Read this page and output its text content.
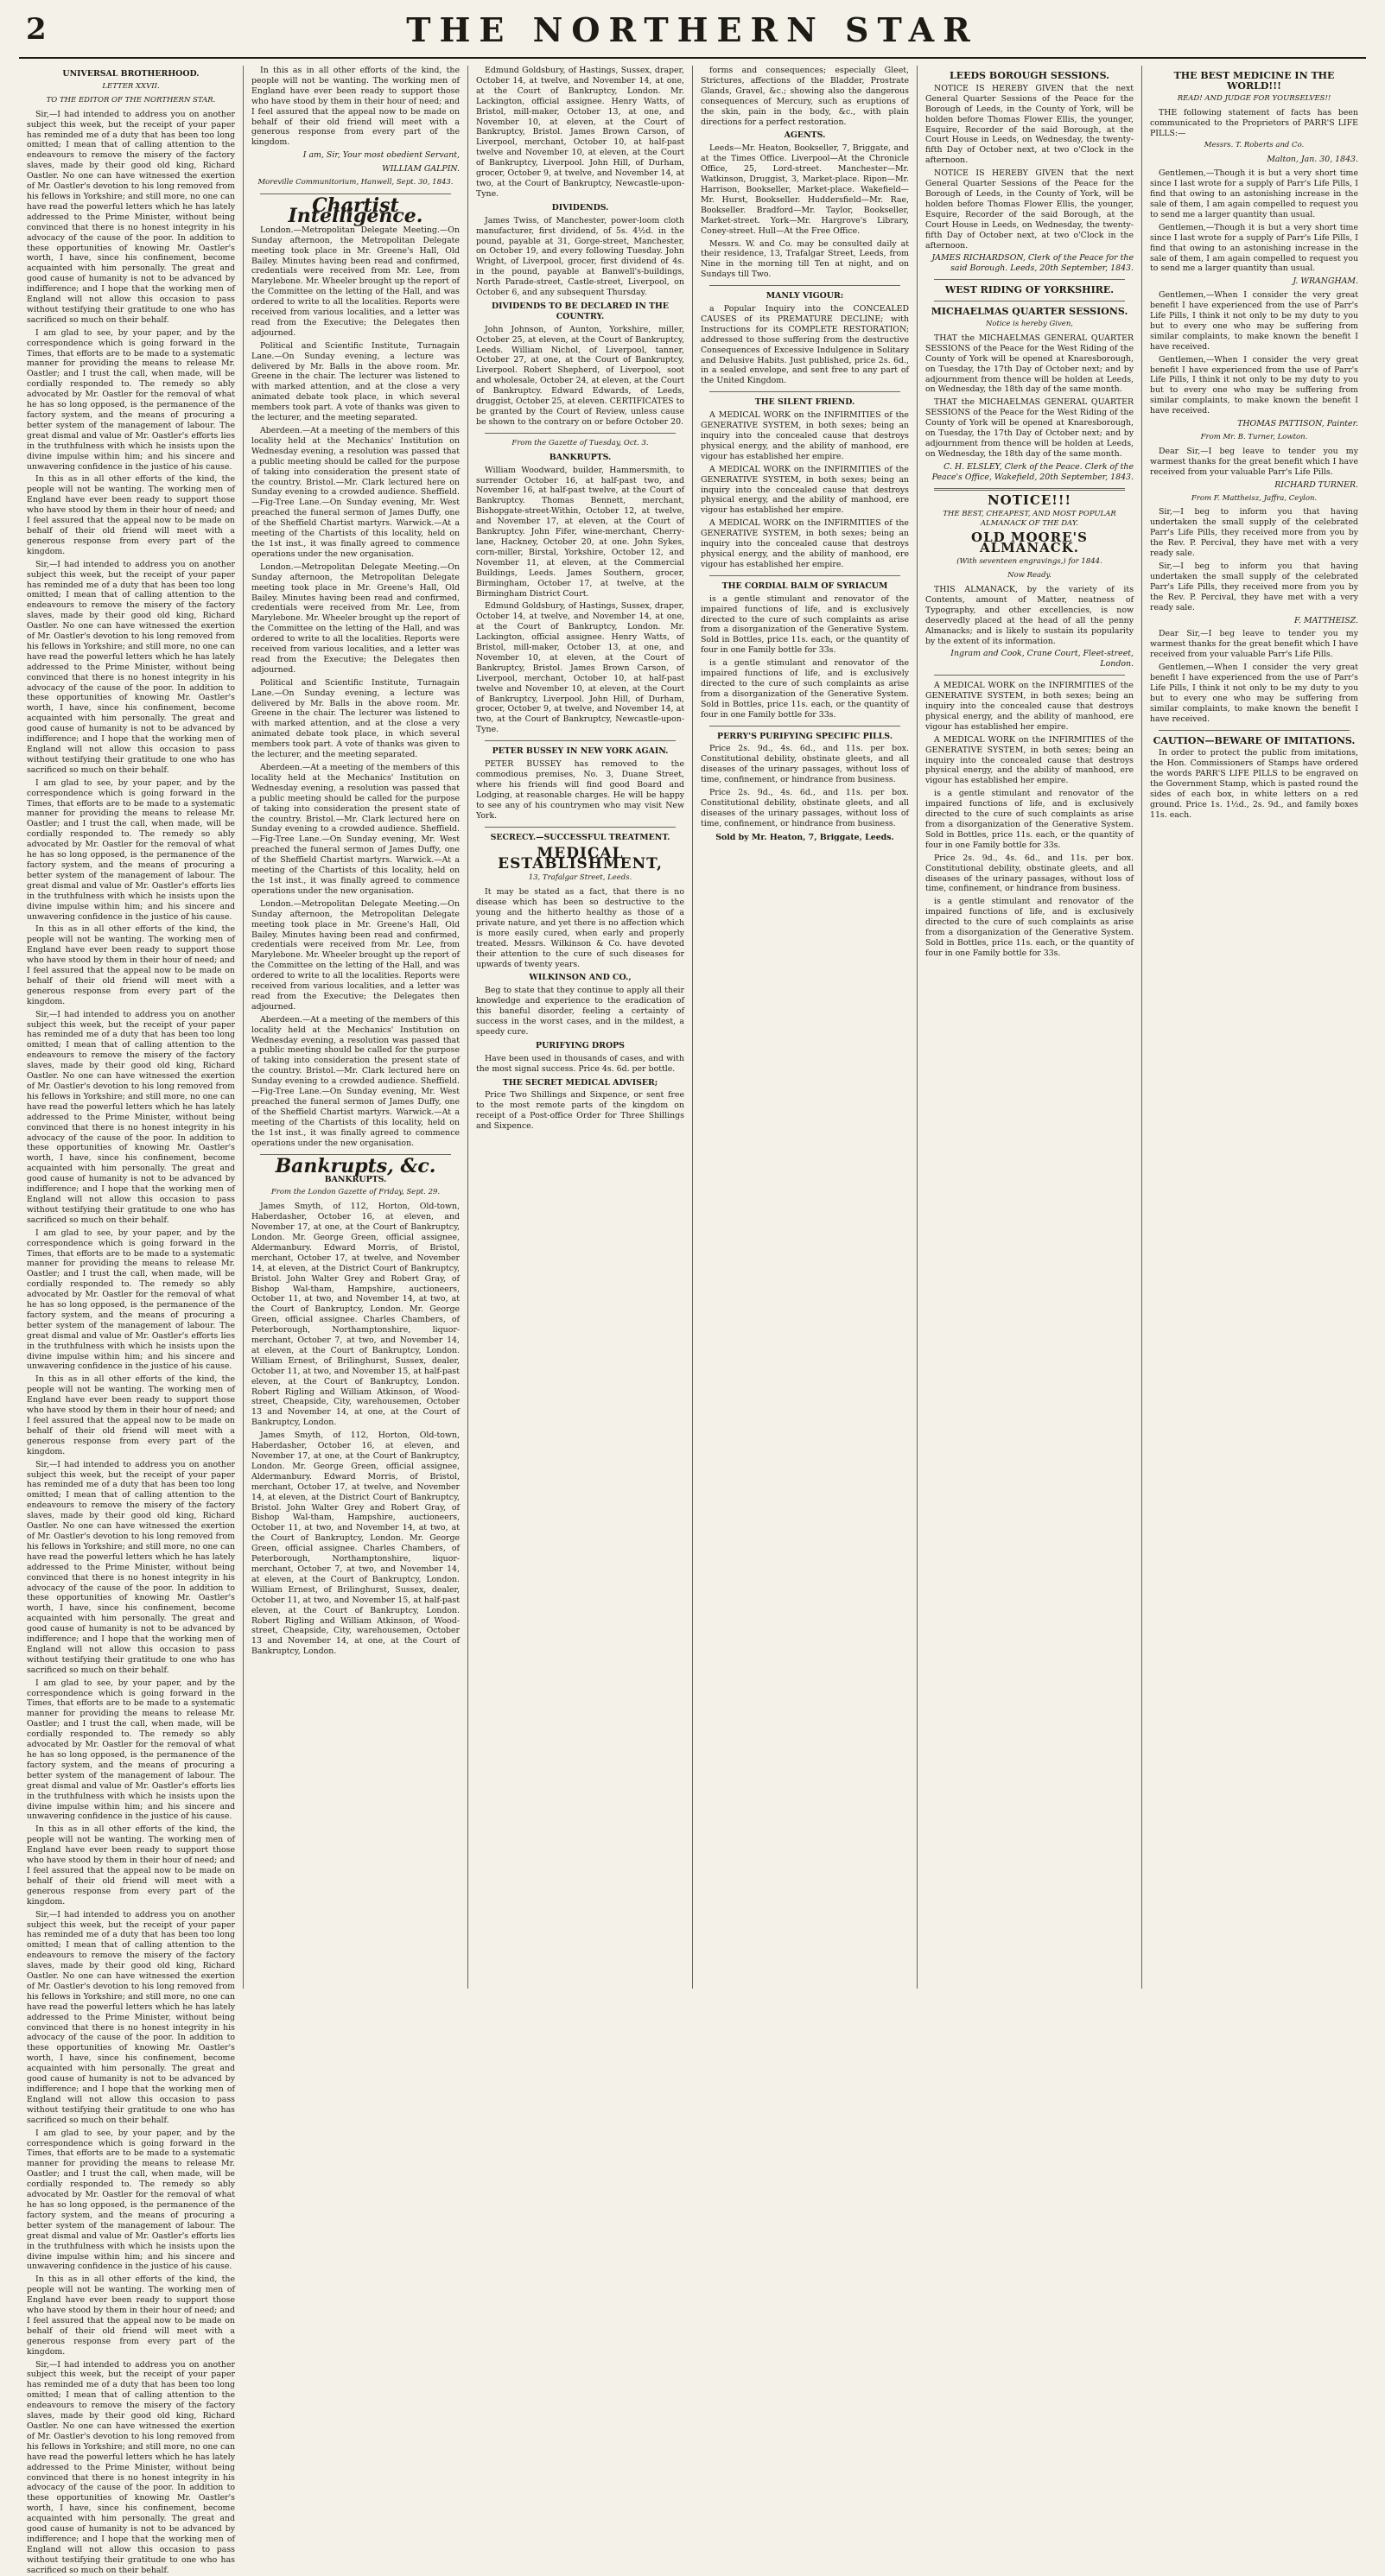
2	THE NORTHERN STAR
UNIVERSAL BROTHERHOOD.
LETTER XXVII.
TO THE EDITOR OF THE NORTHERN STAR.

Sir,—I had intended to address you on another subject this week, but the receipt of your paper has reminded me of a duty that has been too long omitted; I mean that of calling attention to the endeavours to remove the misery of the factory slaves, made by their good old king, Richard Oastler. No one can have witnessed the exertion of Mr. Oastler's devotion to his long removed from his fellows in Yorkshire; and still more, no one can have read the powerful letters which he has lately addressed to the Prime Minister, without being convinced that there is no honest integrity in his advocacy of the cause of the poor. In addition to these opportunities of knowing Mr. Oastler's worth, I have, since his confinement, become acquainted with him personally. The great and good cause of humanity is not to be advanced by indifference; and I hope that the working men of England will not allow this occasion to pass without testifying their gratitude to one who has sacrificed so much on their behalf.

I am glad to see, by your paper, and by the correspondence which is going forward in the Times, that efforts are to be made to a systematic manner for providing the means to release Mr. Oastler; and I trust the call, when made, will be cordially responded to. The remedy so ably advocated by Mr. Oastler for the removal of what he has so long opposed, is the permanence of the factory system, and the means of procuring a better system of the management of labour. The great dismal and value of Mr. Oastler's efforts lies in the truthfulness with which he insists upon the divine impulse within him; and his sincere and unwavering confidence in the justice of his cause.

In this as in all other efforts of the kind, the people will not be wanting. The working men of England have ever been ready to support those who have stood by them in their hour of need; and I feel assured that the appeal now to be made on behalf of their old friend will meet with a generous response from every part of the kingdom.

Sir,—I had intended to address you on another subject this week, but the receipt of your paper has reminded me of a duty that has been too long omitted; I mean that of calling attention to the endeavours to remove the misery of the factory slaves, made by their good old king, Richard Oastler. No one can have witnessed the exertion of Mr. Oastler's devotion to his long removed from his fellows in Yorkshire; and still more, no one can have read the powerful letters which he has lately addressed to the Prime Minister, without being convinced that there is no honest integrity in his advocacy of the cause of the poor. In addition to these opportunities of knowing Mr. Oastler's worth, I have, since his confinement, become acquainted with him personally. The great and good cause of humanity is not to be advanced by indifference; and I hope that the working men of England will not allow this occasion to pass without testifying their gratitude to one who has sacrificed so much on their behalf.

I am glad to see, by your paper, and by the correspondence which is going forward in the Times, that efforts are to be made to a systematic manner for providing the means to release Mr. Oastler; and I trust the call, when made, will be cordially responded to. The remedy so ably advocated by Mr. Oastler for the removal of what he has so long opposed, is the permanence of the factory system, and the means of procuring a better system of the management of labour. The great dismal and value of Mr. Oastler's efforts lies in the truthfulness with which he insists upon the divine impulse within him; and his sincere and unwavering confidence in the justice of his cause.

In this as in all other efforts of the kind, the people will not be wanting. The working men of England have ever been ready to support those who have stood by them in their hour of need; and I feel assured that the appeal now to be made on behalf of their old friend will meet with a generous response from every part of the kingdom.

Sir,—I had intended to address you on another subject this week, but the receipt of your paper has reminded me of a duty that has been too long omitted; I mean that of calling attention to the endeavours to remove the misery of the factory slaves, made by their good old king, Richard Oastler. No one can have witnessed the exertion of Mr. Oastler's devotion to his long removed from his fellows in Yorkshire; and still more, no one can have read the powerful letters which he has lately addressed to the Prime Minister, without being convinced that there is no honest integrity in his advocacy of the cause of the poor. In addition to these opportunities of knowing Mr. Oastler's worth, I have, since his confinement, become acquainted with him personally. The great and good cause of humanity is not to be advanced by indifference; and I hope that the working men of England will not allow this occasion to pass without testifying their gratitude to one who has sacrificed so much on their behalf.

I am glad to see, by your paper, and by the correspondence which is going forward in the Times, that efforts are to be made to a systematic manner for providing the means to release Mr. Oastler; and I trust the call, when made, will be cordially responded to. The remedy so ably advocated by Mr. Oastler for the removal of what he has so long opposed, is the permanence of the factory system, and the means of procuring a better system of the management of labour. The great dismal and value of Mr. Oastler's efforts lies in the truthfulness with which he insists upon the divine impulse within him; and his sincere and unwavering confidence in the justice of his cause.

In this as in all other efforts of the kind, the people will not be wanting. The working men of England have ever been ready to support those who have stood by them in their hour of need; and I feel assured that the appeal now to be made on behalf of their old friend will meet with a generous response from every part of the kingdom.

Sir,—I had intended to address you on another subject this week, but the receipt of your paper has reminded me of a duty that has been too long omitted; I mean that of calling attention to the endeavours to remove the misery of the factory slaves, made by their good old king, Richard Oastler. No one can have witnessed the exertion of Mr. Oastler's devotion to his long removed from his fellows in Yorkshire; and still more, no one can have read the powerful letters which he has lately addressed to the Prime Minister, without being convinced that there is no honest integrity in his advocacy of the cause of the poor. In addition to these opportunities of knowing Mr. Oastler's worth, I have, since his confinement, become acquainted with him personally. The great and good cause of humanity is not to be advanced by indifference; and I hope that the working men of England will not allow this occasion to pass without testifying their gratitude to one who has sacrificed so much on their behalf.

I am glad to see, by your paper, and by the correspondence which is going forward in the Times, that efforts are to be made to a systematic manner for providing the means to release Mr. Oastler; and I trust the call, when made, will be cordially responded to. The remedy so ably advocated by Mr. Oastler for the removal of what he has so long opposed, is the permanence of the factory system, and the means of procuring a better system of the management of labour. The great dismal and value of Mr. Oastler's efforts lies in the truthfulness with which he insists upon the divine impulse within him; and his sincere and unwavering confidence in the justice of his cause.

In this as in all other efforts of the kind, the people will not be wanting. The working men of England have ever been ready to support those who have stood by them in their hour of need; and I feel assured that the appeal now to be made on behalf of their old friend will meet with a generous response from every part of the kingdom.

Sir,—I had intended to address you on another subject this week, but the receipt of your paper has reminded me of a duty that has been too long omitted; I mean that of calling attention to the endeavours to remove the misery of the factory slaves, made by their good old king, Richard Oastler. No one can have witnessed the exertion of Mr. Oastler's devotion to his long removed from his fellows in Yorkshire; and still more, no one can have read the powerful letters which he has lately addressed to the Prime Minister, without being convinced that there is no honest integrity in his advocacy of the cause of the poor. In addition to these opportunities of knowing Mr. Oastler's worth, I have, since his confinement, become acquainted with him personally. The great and good cause of humanity is not to be advanced by indifference; and I hope that the working men of England will not allow this occasion to pass without testifying their gratitude to one who has sacrificed so much on their behalf.

I am glad to see, by your paper, and by the correspondence which is going forward in the Times, that efforts are to be made to a systematic manner for providing the means to release Mr. Oastler; and I trust the call, when made, will be cordially responded to. The remedy so ably advocated by Mr. Oastler for the removal of what he has so long opposed, is the permanence of the factory system, and the means of procuring a better system of the management of labour. The great dismal and value of Mr. Oastler's efforts lies in the truthfulness with which he insists upon the divine impulse within him; and his sincere and unwavering confidence in the justice of his cause.

In this as in all other efforts of the kind, the people will not be wanting. The working men of England have ever been ready to support those who have stood by them in their hour of need; and I feel assured that the appeal now to be made on behalf of their old friend will meet with a generous response from every part of the kingdom.

Sir,—I had intended to address you on another subject this week, but the receipt of your paper has reminded me of a duty that has been too long omitted; I mean that of calling attention to the endeavours to remove the misery of the factory slaves, made by their good old king, Richard Oastler. No one can have witnessed the exertion of Mr. Oastler's devotion to his long removed from his fellows in Yorkshire; and still more, no one can have read the powerful letters which he has lately addressed to the Prime Minister, without being convinced that there is no honest integrity in his advocacy of the cause of the poor. In addition to these opportunities of knowing Mr. Oastler's worth, I have, since his confinement, become acquainted with him personally. The great and good cause of humanity is not to be advanced by indifference; and I hope that the working men of England will not allow this occasion to pass without testifying their gratitude to one who has sacrificed so much on their behalf.

In this as in all other efforts of the kind, the people will not be wanting. The working men of England have ever been ready to support those who have stood by them in their hour of need; and I feel assured that the appeal now to be made on behalf of their old friend will meet with a generous response from every part of the kingdom.

I am, Sir, Your most obedient Servant,
WILLIAM GALPIN.
Moreville Communitorium, Hanwell, Sept. 30, 1843.
Chartist Intelligence.

London.—Metropolitan Delegate Meeting.—On Sunday afternoon, the Metropolitan Delegate meeting took place in Mr. Greene's Hall, Old Bailey. Minutes having been read and confirmed, credentials were received from Mr. Lee, from Marylebone. Mr. Wheeler brought up the report of the Committee on the letting of the Hall, and was ordered to write to all the localities. Reports were received from various localities, and a letter was read from the Executive; the Delegates then adjourned.

Political and Scientific Institute, Turnagain Lane.—On Sunday evening, a lecture was delivered by Mr. Balls in the above room. Mr. Greene in the chair. The lecturer was listened to with marked attention, and at the close a very animated debate took place, in which several members took part. A vote of thanks was given to the lecturer, and the meeting separated.

Aberdeen.—At a meeting of the members of this locality held at the Mechanics' Institution on Wednesday evening, a resolution was passed that a public meeting should be called for the purpose of taking into consideration the present state of the country. Bristol.—Mr. Clark lectured here on Sunday evening to a crowded audience. Sheffield.—Fig-Tree Lane.—On Sunday evening, Mr. West preached the funeral sermon of James Duffy, one of the Sheffield Chartist martyrs. Warwick.—At a meeting of the Chartists of this locality, held on the 1st inst., it was finally agreed to commence operations under the new organisation.

London.—Metropolitan Delegate Meeting.—On Sunday afternoon, the Metropolitan Delegate meeting took place in Mr. Greene's Hall, Old Bailey. Minutes having been read and confirmed, credentials were received from Mr. Lee, from Marylebone. Mr. Wheeler brought up the report of the Committee on the letting of the Hall, and was ordered to write to all the localities. Reports were received from various localities, and a letter was read from the Executive; the Delegates then adjourned.

Political and Scientific Institute, Turnagain Lane.—On Sunday evening, a lecture was delivered by Mr. Balls in the above room. Mr. Greene in the chair. The lecturer was listened to with marked attention, and at the close a very animated debate took place, in which several members took part. A vote of thanks was given to the lecturer, and the meeting separated.

Aberdeen.—At a meeting of the members of this locality held at the Mechanics' Institution on Wednesday evening, a resolution was passed that a public meeting should be called for the purpose of taking into consideration the present state of the country. Bristol.—Mr. Clark lectured here on Sunday evening to a crowded audience. Sheffield.—Fig-Tree Lane.—On Sunday evening, Mr. West preached the funeral sermon of James Duffy, one of the Sheffield Chartist martyrs. Warwick.—At a meeting of the Chartists of this locality, held on the 1st inst., it was finally agreed to commence operations under the new organisation.

London.—Metropolitan Delegate Meeting.—On Sunday afternoon, the Metropolitan Delegate meeting took place in Mr. Greene's Hall, Old Bailey. Minutes having been read and confirmed, credentials were received from Mr. Lee, from Marylebone. Mr. Wheeler brought up the report of the Committee on the letting of the Hall, and was ordered to write to all the localities. Reports were received from various localities, and a letter was read from the Executive; the Delegates then adjourned.

Aberdeen.—At a meeting of the members of this locality held at the Mechanics' Institution on Wednesday evening, a resolution was passed that a public meeting should be called for the purpose of taking into consideration the present state of the country. Bristol.—Mr. Clark lectured here on Sunday evening to a crowded audience. Sheffield.—Fig-Tree Lane.—On Sunday evening, Mr. West preached the funeral sermon of James Duffy, one of the Sheffield Chartist martyrs. Warwick.—At a meeting of the Chartists of this locality, held on the 1st inst., it was finally agreed to commence operations under the new organisation.

Bankrupts, &c.
BANKRUPTS.
From the London Gazette of Friday, Sept. 29.

James Smyth, of 112, Horton, Old-town, Haberdasher, October 16, at eleven, and November 17, at one, at the Court of Bankruptcy, London. Mr. George Green, official assignee, Aldermanbury. Edward Morris, of Bristol, merchant, October 17, at twelve, and November 14, at eleven, at the District Court of Bankruptcy, Bristol. John Walter Grey and Robert Gray, of Bishop Wal-tham, Hampshire, auctioneers, October 11, at two, and November 14, at two, at the Court of Bankruptcy, London. Mr. George Green, official assignee. Charles Chambers, of Peterborough, Northamptonshire, liquor-merchant, October 7, at two, and November 14, at eleven, at the Court of Bankruptcy, London. William Ernest, of Brilinghurst, Sussex, dealer, October 11, at two, and November 15, at half-past eleven, at the Court of Bankruptcy, London. Robert Rigling and William Atkinson, of Wood-street, Cheapside, City, warehousemen, October 13 and November 14, at one, at the Court of Bankruptcy, London.

James Smyth, of 112, Horton, Old-town, Haberdasher, October 16, at eleven, and November 17, at one, at the Court of Bankruptcy, London. Mr. George Green, official assignee, Aldermanbury. Edward Morris, of Bristol, merchant, October 17, at twelve, and November 14, at eleven, at the District Court of Bankruptcy, Bristol. John Walter Grey and Robert Gray, of Bishop Wal-tham, Hampshire, auctioneers, October 11, at two, and November 14, at two, at the Court of Bankruptcy, London. Mr. George Green, official assignee. Charles Chambers, of Peterborough, Northamptonshire, liquor-merchant, October 7, at two, and November 14, at eleven, at the Court of Bankruptcy, London. William Ernest, of Brilinghurst, Sussex, dealer, October 11, at two, and November 15, at half-past eleven, at the Court of Bankruptcy, London. Robert Rigling and William Atkinson, of Wood-street, Cheapside, City, warehousemen, October 13 and November 14, at one, at the Court of Bankruptcy, London.

Edmund Goldsbury, of Hastings, Sussex, draper, October 14, at twelve, and November 14, at one, at the Court of Bankruptcy, London. Mr. Lackington, official assignee. Henry Watts, of Bristol, mill-maker, October 13, at one, and November 10, at eleven, at the Court of Bankruptcy, Bristol. James Brown Carson, of Liverpool, merchant, October 10, at half-past twelve and November 10, at eleven, at the Court of Bankruptcy, Liverpool. John Hill, of Durham, grocer, October 9, at twelve, and November 14, at two, at the Court of Bankruptcy, Newcastle-upon-Tyne.

DIVIDENDS.

James Twiss, of Manchester, power-loom cloth manufacturer, first dividend, of 5s. 4½d. in the pound, payable at 31, Gorge-street, Manchester, on October 19, and every following Tuesday. John Wright, of Liverpool, grocer, first dividend of 4s. in the pound, payable at Banwell's-buildings, North Parade-street, Castle-street, Liverpool, on October 6, and any subsequent Thursday.

DIVIDENDS TO BE DECLARED IN THE COUNTRY.

John Johnson, of Aunton, Yorkshire, miller, October 25, at eleven, at the Court of Bankruptcy, Leeds. William Nichol, of Liverpool, tanner, October 27, at one, at the Court of Bankruptcy, Liverpool. Robert Shepherd, of Liverpool, soot and wholesale, October 24, at eleven, at the Court of Bankruptcy. Edward Edwards, of Leeds, druggist, October 25, at eleven. CERTIFICATES to be granted by the Court of Review, unless cause be shown to the contrary on or before October 20.

From the Gazette of Tuesday, Oct. 3.
BANKRUPTS.

William Woodward, builder, Hammersmith, to surrender October 16, at half-past two, and November 16, at half-past twelve, at the Court of Bankruptcy. Thomas Bennett, merchant, Bishopgate-street-Within, October 12, at twelve, and November 17, at eleven, at the Court of Bankruptcy. John Fifer, wine-merchant, Cherry-lane, Hackney, October 20, at one. John Sykes, corn-miller, Birstal, Yorkshire, October 12, and November 11, at eleven, at the Commercial Buildings, Leeds. James Southern, grocer, Birmingham, October 17, at twelve, at the Birmingham District Court.

Edmund Goldsbury, of Hastings, Sussex, draper, October 14, at twelve, and November 14, at one, at the Court of Bankruptcy, London. Mr. Lackington, official assignee. Henry Watts, of Bristol, mill-maker, October 13, at one, and November 10, at eleven, at the Court of Bankruptcy, Bristol. James Brown Carson, of Liverpool, merchant, October 10, at half-past twelve and November 10, at eleven, at the Court of Bankruptcy, Liverpool. John Hill, of Durham, grocer, October 9, at twelve, and November 14, at two, at the Court of Bankruptcy, Newcastle-upon-Tyne.

PETER BUSSEY IN NEW YORK AGAIN.

PETER BUSSEY has removed to the commodious premises, No. 3, Duane Street, where his friends will find good Board and Lodging, at reasonable charges. He will be happy to see any of his countrymen who may visit New York.

SECRECY.—SUCCESSFUL TREATMENT.
MEDICAL ESTABLISHMENT,
13, Trafalgar Street, Leeds.

It may be stated as a fact, that there is no disease which has been so destructive to the young and the hitherto healthy as those of a private nature, and yet there is no affection which is more easily cured, when early and properly treated. Messrs. Wilkinson & Co. have devoted their attention to the cure of such diseases for upwards of twenty years.

WILKINSON AND CO.,

Beg to state that they continue to apply all their knowledge and experience to the eradication of this baneful disorder, feeling a certainty of success in the worst cases, and in the mildest, a speedy cure.

PURIFYING DROPS

Have been used in thousands of cases, and with the most signal success. Price 4s. 6d. per bottle.

THE SECRET MEDICAL ADVISER;

Price Two Shillings and Sixpence, or sent free to the most remote parts of the kingdom on receipt of a Post-office Order for Three Shillings and Sixpence.

forms and consequences; especially Gleet, Strictures, affections of the Bladder, Prostrate Glands, Gravel, &c.; showing also the dangerous consequences of Mercury, such as eruptions of the skin, pain in the body, &c., with plain directions for a perfect restoration.

AGENTS.

Leeds—Mr. Heaton, Bookseller, 7, Briggate, and at the Times Office. Liverpool—At the Chronicle Office, 25, Lord-street. Manchester—Mr. Watkinson, Druggist, 3, Market-place. Ripon—Mr. Harrison, Bookseller, Market-place. Wakefield—Mr. Hurst, Bookseller. Huddersfield—Mr. Rae, Bookseller. Bradford—Mr. Taylor, Bookseller, Market-street. York—Mr. Hargrove's Library, Coney-street. Hull—At the Free Office.

Messrs. W. and Co. may be consulted daily at their residence, 13, Trafalgar Street, Leeds, from Nine in the morning till Ten at night, and on Sundays till Two.

MANLY VIGOUR:

a Popular Inquiry into the CONCEALED CAUSES of its PREMATURE DECLINE; with Instructions for its COMPLETE RESTORATION; addressed to those suffering from the destructive Consequences of Excessive Indulgence in Solitary and Delusive Habits. Just published, price 2s. 6d., in a sealed envelope, and sent free to any part of the United Kingdom.

THE SILENT FRIEND.

A MEDICAL WORK on the INFIRMITIES of the GENERATIVE SYSTEM, in both sexes; being an inquiry into the concealed cause that destroys physical energy, and the ability of manhood, ere vigour has established her empire.

A MEDICAL WORK on the INFIRMITIES of the GENERATIVE SYSTEM, in both sexes; being an inquiry into the concealed cause that destroys physical energy, and the ability of manhood, ere vigour has established her empire.

A MEDICAL WORK on the INFIRMITIES of the GENERATIVE SYSTEM, in both sexes; being an inquiry into the concealed cause that destroys physical energy, and the ability of manhood, ere vigour has established her empire.

THE CORDIAL BALM OF SYRIACUM

is a gentle stimulant and renovator of the impaired functions of life, and is exclusively directed to the cure of such complaints as arise from a disorganization of the Generative System. Sold in Bottles, price 11s. each, or the quantity of four in one Family bottle for 33s.

is a gentle stimulant and renovator of the impaired functions of life, and is exclusively directed to the cure of such complaints as arise from a disorganization of the Generative System. Sold in Bottles, price 11s. each, or the quantity of four in one Family bottle for 33s.

PERRY'S PURIFYING SPECIFIC PILLS.

Price 2s. 9d., 4s. 6d., and 11s. per box. Constitutional debility, obstinate gleets, and all diseases of the urinary passages, without loss of time, confinement, or hindrance from business.

Price 2s. 9d., 4s. 6d., and 11s. per box. Constitutional debility, obstinate gleets, and all diseases of the urinary passages, without loss of time, confinement, or hindrance from business.

Sold by Mr. Heaton, 7, Briggate, Leeds.
LEEDS BOROUGH SESSIONS.

NOTICE IS HEREBY GIVEN that the next General Quarter Sessions of the Peace for the Borough of Leeds, in the County of York, will be holden before Thomas Flower Ellis, the younger, Esquire, Recorder of the said Borough, at the Court House in Leeds, on Wednesday, the twenty-fifth Day of October next, at two o'Clock in the afternoon.

NOTICE IS HEREBY GIVEN that the next General Quarter Sessions of the Peace for the Borough of Leeds, in the County of York, will be holden before Thomas Flower Ellis, the younger, Esquire, Recorder of the said Borough, at the Court House in Leeds, on Wednesday, the twenty-fifth Day of October next, at two o'Clock in the afternoon.

JAMES RICHARDSON, Clerk of the Peace for the said Borough. Leeds, 20th September, 1843.
WEST RIDING OF YORKSHIRE.
MICHAELMAS QUARTER SESSIONS.
Notice is hereby Given,

THAT the MICHAELMAS GENERAL QUARTER SESSIONS of the Peace for the West Riding of the County of York will be opened at Knaresborough, on Tuesday, the 17th Day of October next; and by adjournment from thence will be holden at Leeds, on Wednesday, the 18th day of the same month.

THAT the MICHAELMAS GENERAL QUARTER SESSIONS of the Peace for the West Riding of the County of York will be opened at Knaresborough, on Tuesday, the 17th Day of October next; and by adjournment from thence will be holden at Leeds, on Wednesday, the 18th day of the same month.

C. H. ELSLEY, Clerk of the Peace. Clerk of the Peace's Office, Wakefield, 20th September, 1843.
NOTICE!!!
THE BEST, CHEAPEST, AND MOST POPULAR ALMANACK OF THE DAY.
OLD MOORE'S ALMANACK.
(With seventeen engravings,) for 1844.
Now Ready.

THIS ALMANACK, by the variety of its Contents, amount of Matter, neatness of Typography, and other excellencies, is now deservedly placed at the head of all the penny Almanacks; and is likely to sustain its popularity by the extent of its information.

Ingram and Cook, Crane Court, Fleet-street, London.

A MEDICAL WORK on the INFIRMITIES of the GENERATIVE SYSTEM, in both sexes; being an inquiry into the concealed cause that destroys physical energy, and the ability of manhood, ere vigour has established her empire.

A MEDICAL WORK on the INFIRMITIES of the GENERATIVE SYSTEM, in both sexes; being an inquiry into the concealed cause that destroys physical energy, and the ability of manhood, ere vigour has established her empire.

is a gentle stimulant and renovator of the impaired functions of life, and is exclusively directed to the cure of such complaints as arise from a disorganization of the Generative System. Sold in Bottles, price 11s. each, or the quantity of four in one Family bottle for 33s.

Price 2s. 9d., 4s. 6d., and 11s. per box. Constitutional debility, obstinate gleets, and all diseases of the urinary passages, without loss of time, confinement, or hindrance from business.

is a gentle stimulant and renovator of the impaired functions of life, and is exclusively directed to the cure of such complaints as arise from a disorganization of the Generative System. Sold in Bottles, price 11s. each, or the quantity of four in one Family bottle for 33s.

THE BEST MEDICINE IN THE WORLD!!!
READ! AND JUDGE FOR YOURSELVES!!

THE following statement of facts has been communicated to the Proprietors of PARR'S LIFE PILLS:—

Messrs. T. Roberts and Co.
Malton, Jan. 30, 1843.

Gentlemen,—Though it is but a very short time since I last wrote for a supply of Parr's Life Pills, I find that owing to an astonishing increase in the sale of them, I am again compelled to request you to send me a larger quantity than usual.

Gentlemen,—Though it is but a very short time since I last wrote for a supply of Parr's Life Pills, I find that owing to an astonishing increase in the sale of them, I am again compelled to request you to send me a larger quantity than usual.

J. WRANGHAM.

Gentlemen,—When I consider the very great benefit I have experienced from the use of Parr's Life Pills, I think it not only to be my duty to you but to every one who may be suffering from similar complaints, to make known the benefit I have received.

Gentlemen,—When I consider the very great benefit I have experienced from the use of Parr's Life Pills, I think it not only to be my duty to you but to every one who may be suffering from similar complaints, to make known the benefit I have received.

THOMAS PATTISON, Painter.
From Mr. B. Turner, Lowton.

Dear Sir,—I beg leave to tender you my warmest thanks for the great benefit which I have received from your valuable Parr's Life Pills.

RICHARD TURNER.
From F. Mattheisz, Jaffra, Ceylon.

Sir,—I beg to inform you that having undertaken the small supply of the celebrated Parr's Life Pills, they received more from you by the Rev. P. Percival, they have met with a very ready sale.

Sir,—I beg to inform you that having undertaken the small supply of the celebrated Parr's Life Pills, they received more from you by the Rev. P. Percival, they have met with a very ready sale.

F. MATTHEISZ.

Dear Sir,—I beg leave to tender you my warmest thanks for the great benefit which I have received from your valuable Parr's Life Pills.

Gentlemen,—When I consider the very great benefit I have experienced from the use of Parr's Life Pills, I think it not only to be my duty to you but to every one who may be suffering from similar complaints, to make known the benefit I have received.

CAUTION—BEWARE OF IMITATIONS.

In order to protect the public from imitations, the Hon. Commissioners of Stamps have ordered the words PARR'S LIFE PILLS to be engraved on the Government Stamp, which is pasted round the sides of each box, in white letters on a red ground. Price 1s. 1½d., 2s. 9d., and family boxes 11s. each.
